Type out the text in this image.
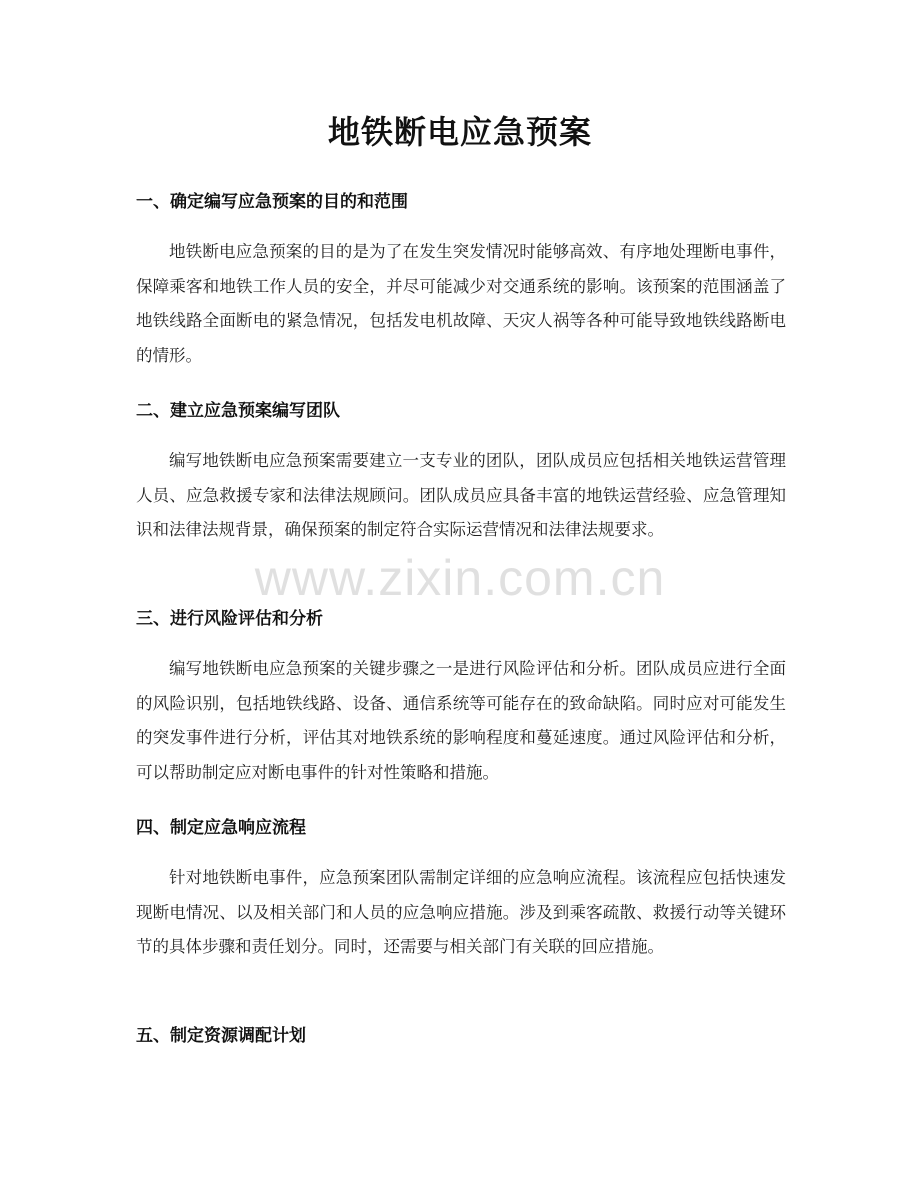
地铁断电应急预案
一、确定编写应急预案的目的和范围

地铁断电应急预案的目的是为了在发生突发情况时能够高效、有序地处理断电事件，保障乘客和地铁工作人员的安全，并尽可能减少对交通系统的影响。该预案的范围涵盖了地铁线路全面断电的紧急情况，包括发电机故障、天灾人祸等各种可能导致地铁线路断电的情形。

二、建立应急预案编写团队

编写地铁断电应急预案需要建立一支专业的团队，团队成员应包括相关地铁运营管理人员、应急救援专家和法律法规顾问。团队成员应具备丰富的地铁运营经验、应急管理知识和法律法规背景，确保预案的制定符合实际运营情况和法律法规要求。

三、进行风险评估和分析

编写地铁断电应急预案的关键步骤之一是进行风险评估和分析。团队成员应进行全面的风险识别，包括地铁线路、设备、通信系统等可能存在的致命缺陷。同时应对可能发生的突发事件进行分析，评估其对地铁系统的影响程度和蔓延速度。通过风险评估和分析，可以帮助制定应对断电事件的针对性策略和措施。

四、制定应急响应流程

针对地铁断电事件，应急预案团队需制定详细的应急响应流程。该流程应包括快速发现断电情况、以及相关部门和人员的应急响应措施。涉及到乘客疏散、救援行动等关键环节的具体步骤和责任划分。同时，还需要与相关部门有关联的回应措施。

五、制定资源调配计划
www.zixin.com.cn
